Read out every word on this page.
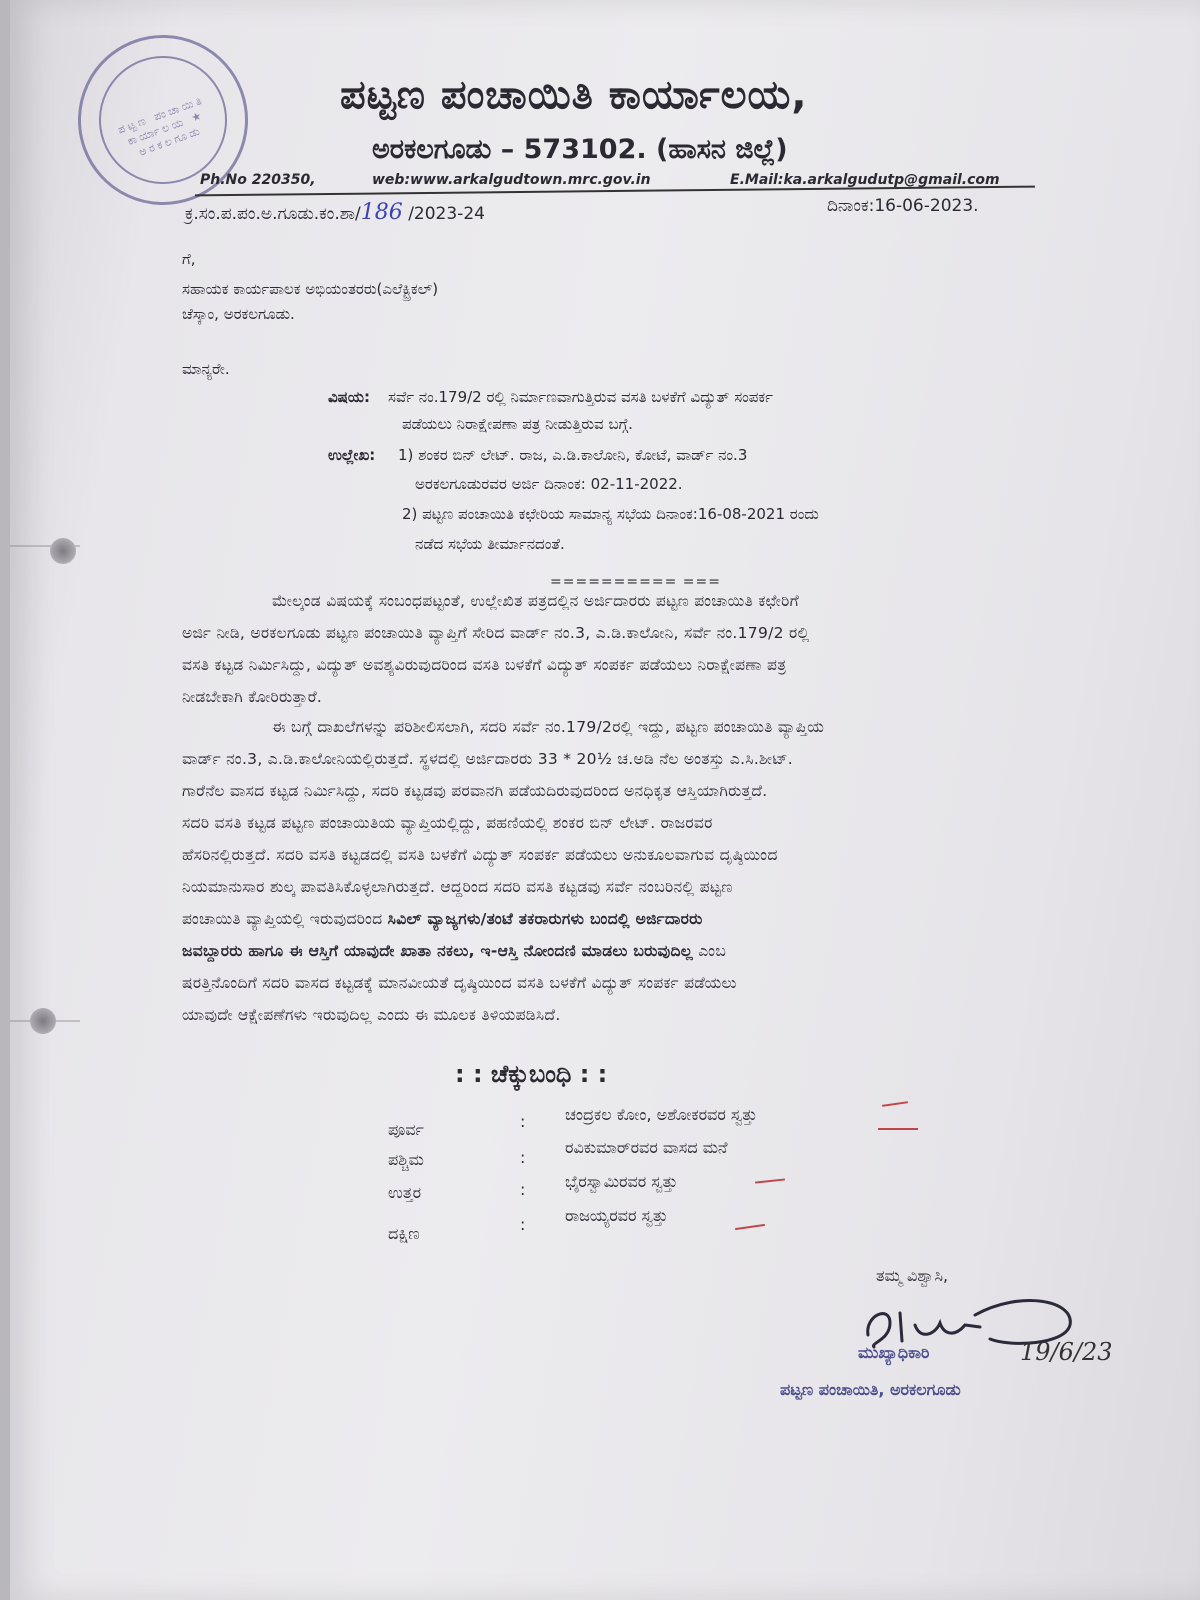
ಪಟ್ಟಣ ಪಂಚಾಯಿತಿ ಕಾರ್ಯಾಲಯ ★ ಅರಕಲಗೂಡು
ಪಟ್ಟಣ ಪಂಚಾಯಿತಿ ಕಾರ್ಯಾಲಯ,
ಅರಕಲಗೂಡು – 573102. (ಹಾಸನ ಜಿಲ್ಲೆ)
Ph.No 220350,	web:www.arkalgudtown.mrc.gov.in	E.Mail:ka.arkalgudutp@gmail.com
ಕ್ರ.ಸಂ.ಪ.ಪಂ.ಅ.ಗೂಡು.ಕಂ.ಶಾ/186 /2023-24	ದಿನಾಂಕ:16-06-2023.
ಗೆ,
ಸಹಾಯಕ ಕಾರ್ಯಪಾಲಕ ಅಭಿಯಂತರರು(ಎಲೆಕ್ಟ್ರಿಕಲ್)
ಚೆಸ್ಕಾಂ, ಅರಕಲಗೂಡು.
ಮಾನ್ಯರೇ.
ವಿಷಯ: ಸರ್ವೆ ನಂ.179/2 ರಲ್ಲಿ ನಿರ್ಮಾಣವಾಗುತ್ತಿರುವ ವಸತಿ ಬಳಕೆಗೆ ವಿದ್ಯುತ್ ಸಂಪರ್ಕ
ಪಡೆಯಲು ನಿರಾಕ್ಷೇಪಣಾ ಪತ್ರ ನೀಡುತ್ತಿರುವ ಬಗ್ಗೆ.
ಉಲ್ಲೇಖ: 1) ಶಂಕರ ಬಿನ್ ಲೇಟ್. ರಾಜ, ಎ.ಡಿ.ಕಾಲೋನಿ, ಕೋಟೆ, ವಾರ್ಡ್ ನಂ.3
ಅರಕಲಗೂಡುರವರ ಅರ್ಜಿ ದಿನಾಂಕ: 02-11-2022.
2) ಪಟ್ಟಣ ಪಂಚಾಯಿತಿ ಕಛೇರಿಯ ಸಾಮಾನ್ಯ ಸಭೆಯ ದಿನಾಂಕ:16-08-2021 ರಂದು
ನಡೆದ ಸಭೆಯ ತೀರ್ಮಾನದಂತೆ.
========== ===
ಮೇಲ್ಕಂಡ ವಿಷಯಕ್ಕೆ ಸಂಬಂಧಪಟ್ಟಂತೆ, ಉಲ್ಲೇಖಿತ ಪತ್ರದಲ್ಲಿನ ಅರ್ಜಿದಾರರು ಪಟ್ಟಣ ಪಂಚಾಯಿತಿ ಕಛೇರಿಗೆ
ಅರ್ಜಿ ನೀಡಿ, ಅರಕಲಗೂಡು ಪಟ್ಟಣ ಪಂಚಾಯಿತಿ ವ್ಯಾಪ್ತಿಗೆ ಸೇರಿದ ವಾರ್ಡ್ ನಂ.3, ಎ.ಡಿ.ಕಾಲೋನಿ, ಸರ್ವೆ ನಂ.179/2 ರಲ್ಲಿ
ವಸತಿ ಕಟ್ಟಡ ನಿರ್ಮಿಸಿದ್ದು, ವಿದ್ಯುತ್ ಅವಶ್ಯವಿರುವುದರಿಂದ ವಸತಿ ಬಳಕೆಗೆ ವಿದ್ಯುತ್ ಸಂಪರ್ಕ ಪಡೆಯಲು ನಿರಾಕ್ಷೇಪಣಾ ಪತ್ರ
ನೀಡಬೇಕಾಗಿ ಕೋರಿರುತ್ತಾರೆ.
ಈ ಬಗ್ಗೆ ದಾಖಲೆಗಳನ್ನು ಪರಿಶೀಲಿಸಲಾಗಿ, ಸದರಿ ಸರ್ವೆ ನಂ.179/2ರಲ್ಲಿ ಇದ್ದು, ಪಟ್ಟಣ ಪಂಚಾಯಿತಿ ವ್ಯಾಪ್ತಿಯ
ವಾರ್ಡ್ ನಂ.3, ಎ.ಡಿ.ಕಾಲೋನಿಯಲ್ಲಿರುತ್ತದೆ. ಸ್ಥಳದಲ್ಲಿ ಅರ್ಜಿದಾರರು 33 * 20½ ಚ.ಅಡಿ ನೆಲ ಅಂತಸ್ತು ಎ.ಸಿ.ಶೀಟ್.
ಗಾರೆನೆಲ ವಾಸದ ಕಟ್ಟಡ ನಿರ್ಮಿಸಿದ್ದು, ಸದರಿ ಕಟ್ಟಡವು ಪರವಾನಗಿ ಪಡೆಯದಿರುವುದರಿಂದ ಅನಧಿಕೃತ ಆಸ್ತಿಯಾಗಿರುತ್ತದೆ.
ಸದರಿ ವಸತಿ ಕಟ್ಟಡ ಪಟ್ಟಣ ಪಂಚಾಯಿತಿಯ ವ್ಯಾಪ್ತಿಯಲ್ಲಿದ್ದು, ಪಹಣಿಯಲ್ಲಿ ಶಂಕರ ಬಿನ್ ಲೇಟ್. ರಾಜರವರ
ಹೆಸರಿನಲ್ಲಿರುತ್ತದೆ. ಸದರಿ ವಸತಿ ಕಟ್ಟಡದಲ್ಲಿ ವಸತಿ ಬಳಕೆಗೆ ವಿದ್ಯುತ್ ಸಂಪರ್ಕ ಪಡೆಯಲು ಅನುಕೂಲವಾಗುವ ದೃಷ್ಠಿಯಿಂದ
ನಿಯಮಾನುಸಾರ ಶುಲ್ಕ ಪಾವತಿಸಿಕೊಳ್ಳಲಾಗಿರುತ್ತದೆ. ಆದ್ದರಿಂದ ಸದರಿ ವಸತಿ ಕಟ್ಟಡವು ಸರ್ವೆ ನಂಬರಿನಲ್ಲಿ ಪಟ್ಟಣ
ಪಂಚಾಯಿತಿ ವ್ಯಾಪ್ತಿಯಲ್ಲಿ ಇರುವುದರಿಂದ ಸಿವಿಲ್ ವ್ಯಾಜ್ಯಗಳು/ತಂಟೆ ತಕರಾರುಗಳು ಬಂದಲ್ಲಿ ಅರ್ಜಿದಾರರು
ಜವಬ್ದಾರರು ಹಾಗೂ ಈ ಆಸ್ತಿಗೆ ಯಾವುದೇ ಖಾತಾ ನಕಲು, ಇ-ಆಸ್ತಿ ನೋಂದಣಿ ಮಾಡಲು ಬರುವುದಿಲ್ಲ ಎಂಬ
ಷರತ್ತಿನೊಂದಿಗೆ ಸದರಿ ವಾಸದ ಕಟ್ಟಡಕ್ಕೆ ಮಾನವೀಯತೆ ದೃಷ್ಠಿಯಿಂದ ವಸತಿ ಬಳಕೆಗೆ ವಿದ್ಯುತ್ ಸಂಪರ್ಕ ಪಡೆಯಲು
ಯಾವುದೇ ಆಕ್ಷೇಪಣೆಗಳು ಇರುವುದಿಲ್ಲ ಎಂದು ಈ ಮೂಲಕ ತಿಳಿಯಪಡಿಸಿದೆ.
: : ಚೆಕ್ಕುಬಂಧಿ : :
ಪೂರ್ವ	: ಚಂದ್ರಕಲ ಕೋಂ, ಅಶೋಕರವರ ಸ್ವತ್ತು
ಪಶ್ಚಿಮ	:
ರವಿಕುಮಾರ್‌ರವರ ವಾಸದ ಮನೆ
ಉತ್ತರ	: ಭೈರಸ್ವಾಮಿರವರ ಸ್ವತ್ತು
ದಕ್ಷಿಣ	: ರಾಜಯ್ಯರವರ ಸ್ವತ್ತು
ತಮ್ಮ ವಿಶ್ವಾಸಿ,
19/6/23
ಮುಖ್ಯಾಧಿಕಾರಿ
ಪಟ್ಟಣ ಪಂಚಾಯಿತಿ, ಅರಕಲಗೂಡು
